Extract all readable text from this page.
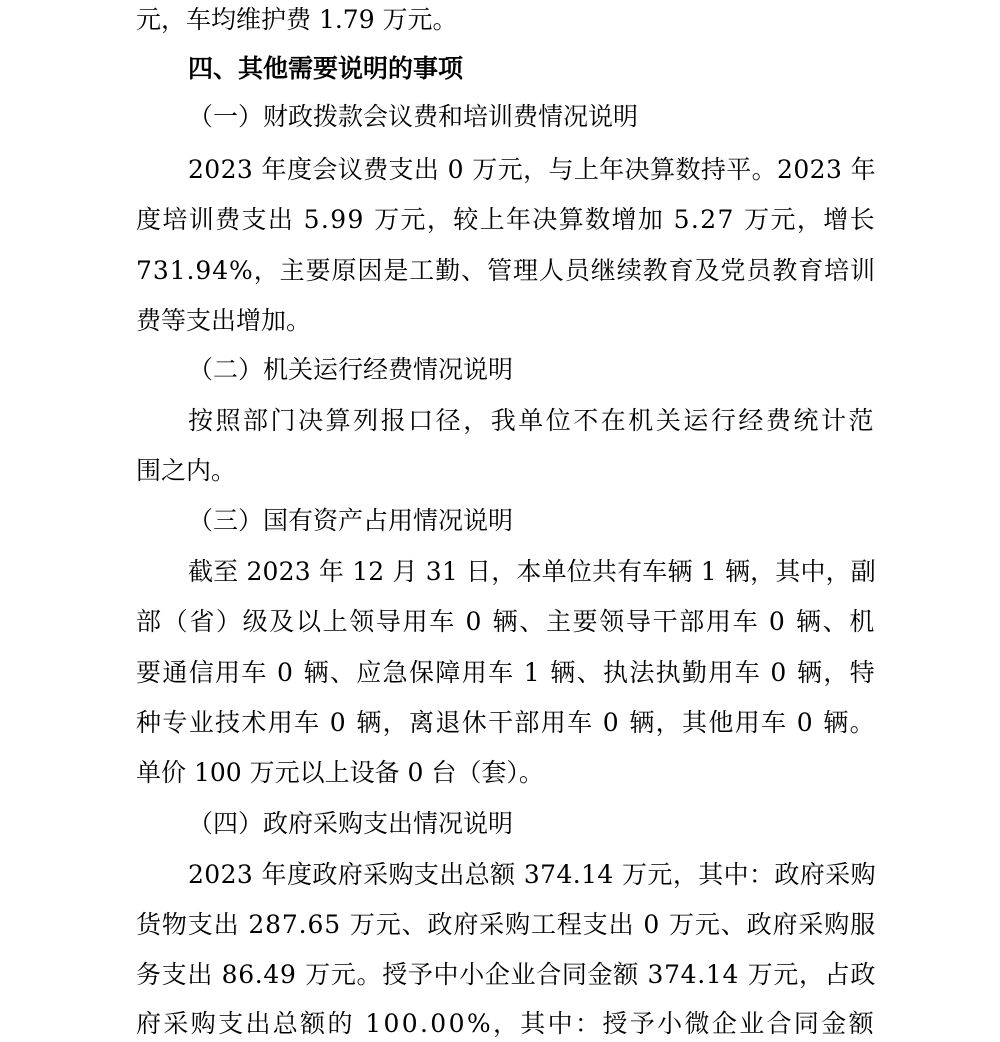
元，车均维护费 1.79 万元。
四、其他需要说明的事项
（一）财政拨款会议费和培训费情况说明
2023 年度会议费支出 0 万元，与上年决算数持平。2023 年
度培训费支出 5.99 万元，较上年决算数增加 5.27 万元，增长
731.94%，主要原因是工勤、管理人员继续教育及党员教育培训
费等支出增加。
（二）机关运行经费情况说明
按照部门决算列报口径，我单位不在机关运行经费统计范
围之内。
（三）国有资产占用情况说明
截至 2023 年 12 月 31 日，本单位共有车辆 1 辆，其中，副
部（省）级及以上领导用车 0 辆、主要领导干部用车 0 辆、机
要通信用车 0 辆、应急保障用车 1 辆、执法执勤用车 0 辆，特
种专业技术用车 0 辆，离退休干部用车 0 辆，其他用车 0 辆。
单价 100 万元以上设备 0 台（套）。
（四）政府采购支出情况说明
2023 年度政府采购支出总额 374.14 万元，其中：政府采购
货物支出 287.65 万元、政府采购工程支出 0 万元、政府采购服
务支出 86.49 万元。授予中小企业合同金额 374.14 万元，占政
府采购支出总额的 100.00%，其中：授予小微企业合同金额
